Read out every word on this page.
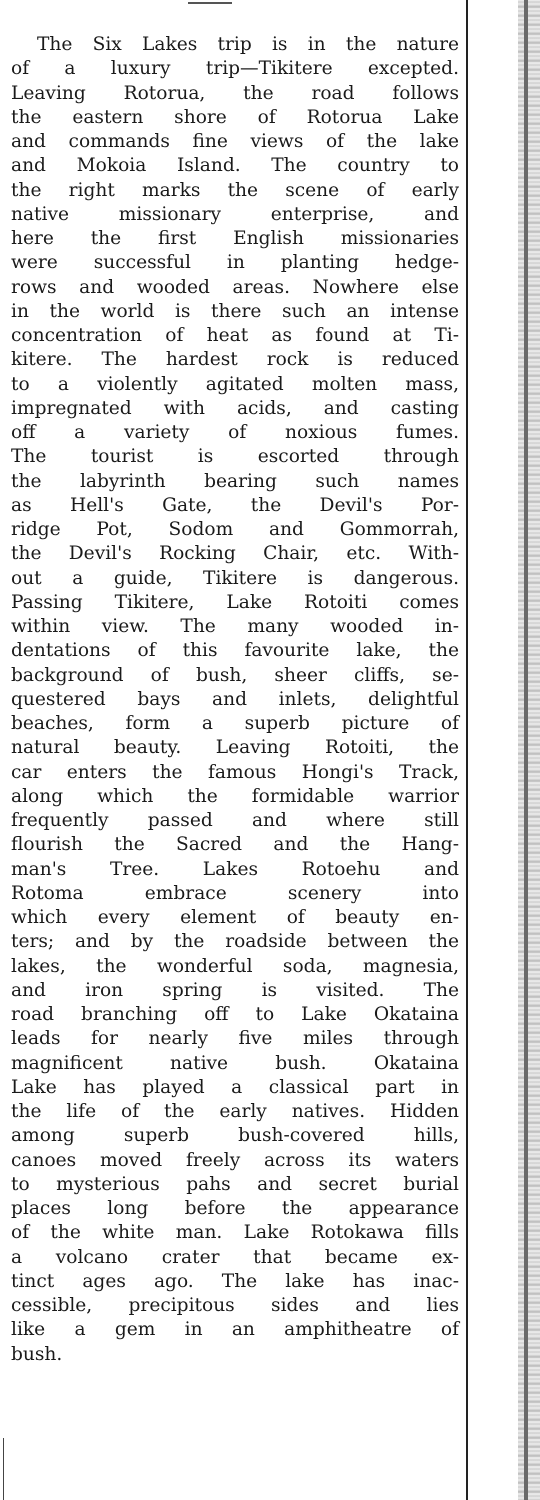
The Six Lakes trip is in the nature
of a luxury trip—Tikitere excepted.
Leaving Rotorua, the road follows
the eastern shore of Rotorua Lake
and commands fine views of the lake
and Mokoia Island. The country to
the right marks the scene of early
native missionary enterprise, and
here the first English missionaries
were successful in planting hedge-
rows and wooded areas. Nowhere else
in the world is there such an intense
concentration of heat as found at Ti-
kitere. The hardest rock is reduced
to a violently agitated molten mass,
impregnated with acids, and casting
off a variety of noxious fumes.
The tourist is escorted through
the labyrinth bearing such names
as Hell's Gate, the Devil's Por-
ridge Pot, Sodom and Gommorrah,
the Devil's Rocking Chair, etc. With-
out a guide, Tikitere is dangerous.
Passing Tikitere, Lake Rotoiti comes
within view. The many wooded in-
dentations of this favourite lake, the
background of bush, sheer cliffs, se-
questered bays and inlets, delightful
beaches, form a superb picture of
natural beauty. Leaving Rotoiti, the
car enters the famous Hongi's Track,
along which the formidable warrior
frequently passed and where still
flourish the Sacred and the Hang-
man's Tree. Lakes Rotoehu and
Rotoma embrace scenery into
which every element of beauty en-
ters; and by the roadside between the
lakes, the wonderful soda, magnesia,
and iron spring is visited. The
road branching off to Lake Okataina
leads for nearly five miles through
magnificent native bush. Okataina
Lake has played a classical part in
the life of the early natives. Hidden
among superb bush-covered hills,
canoes moved freely across its waters
to mysterious pahs and secret burial
places long before the appearance
of the white man. Lake Rotokawa fills
a volcano crater that became ex-
tinct ages ago. The lake has inac-
cessible, precipitous sides and lies
like a gem in an amphitheatre of
bush.
